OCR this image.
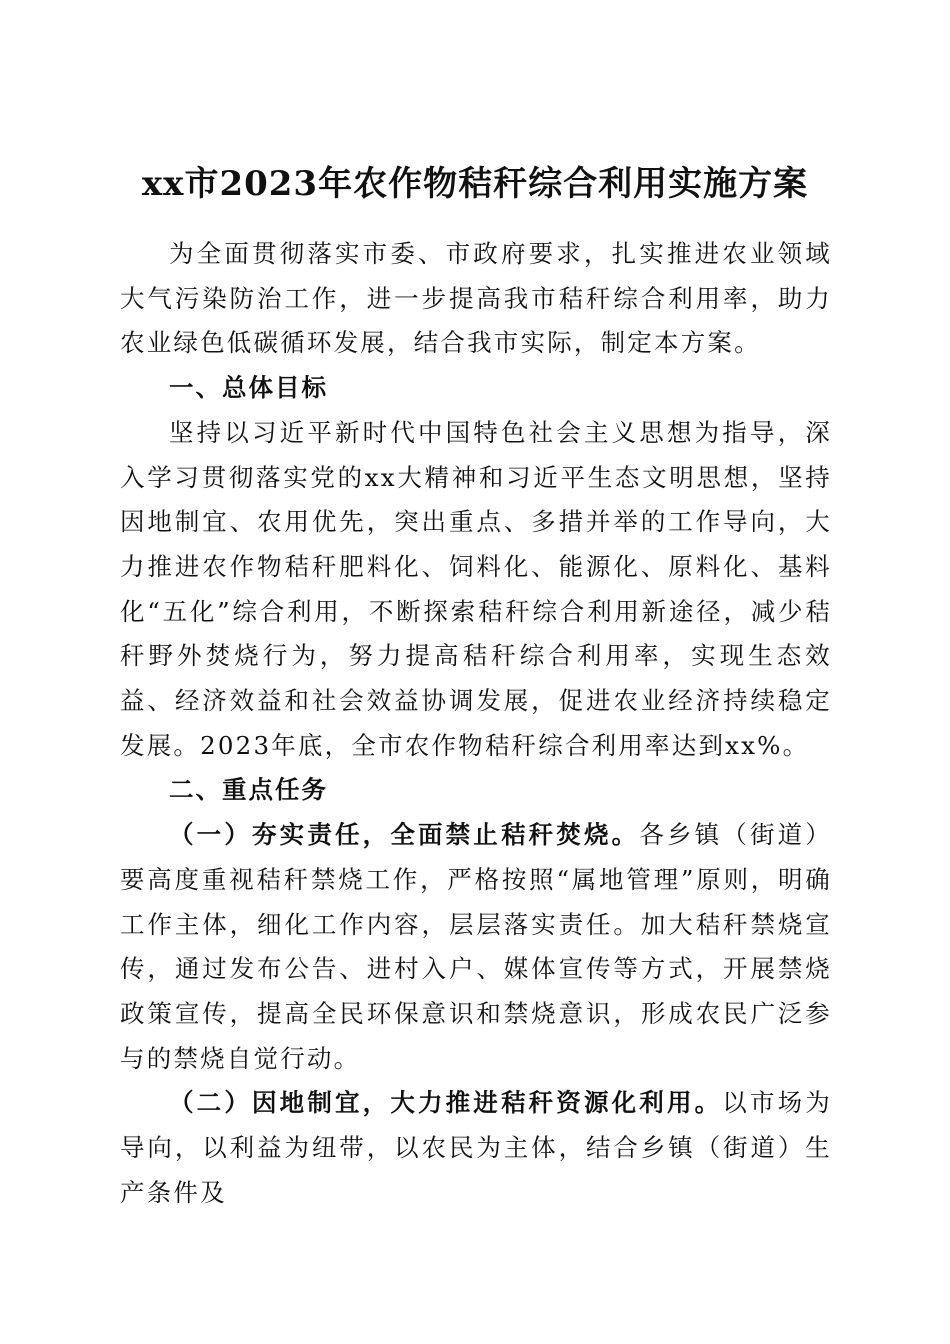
xx市2023年农作物秸秆综合利用实施方案

为全面贯彻落实市委、市政府要求，扎实推进农业领域大气污染防治工作，进一步提高我市秸秆综合利用率，助力农业绿色低碳循环发展，结合我市实际，制定本方案。

一、总体目标

坚持以习近平新时代中国特色社会主义思想为指导，深入学习贯彻落实党的xx大精神和习近平生态文明思想，坚持因地制宜、农用优先，突出重点、多措并举的工作导向，大力推进农作物秸秆肥料化、饲料化、能源化、原料化、基料化“五化”综合利用，不断探索秸秆综合利用新途径，减少秸秆野外焚烧行为，努力提高秸秆综合利用率，实现生态效益、经济效益和社会效益协调发展，促进农业经济持续稳定发展。2023年底，全市农作物秸秆综合利用率达到xx%。

二、重点任务

（一）夯实责任，全面禁止秸秆焚烧。各乡镇（街道）要高度重视秸秆禁烧工作，严格按照“属地管理”原则，明确工作主体，细化工作内容，层层落实责任。加大秸秆禁烧宣传，通过发布公告、进村入户、媒体宣传等方式，开展禁烧政策宣传，提高全民环保意识和禁烧意识，形成农民广泛参与的禁烧自觉行动。

（二）因地制宜，大力推进秸秆资源化利用。以市场为导向，以利益为纽带，以农民为主体，结合乡镇（街道）生产条件及
